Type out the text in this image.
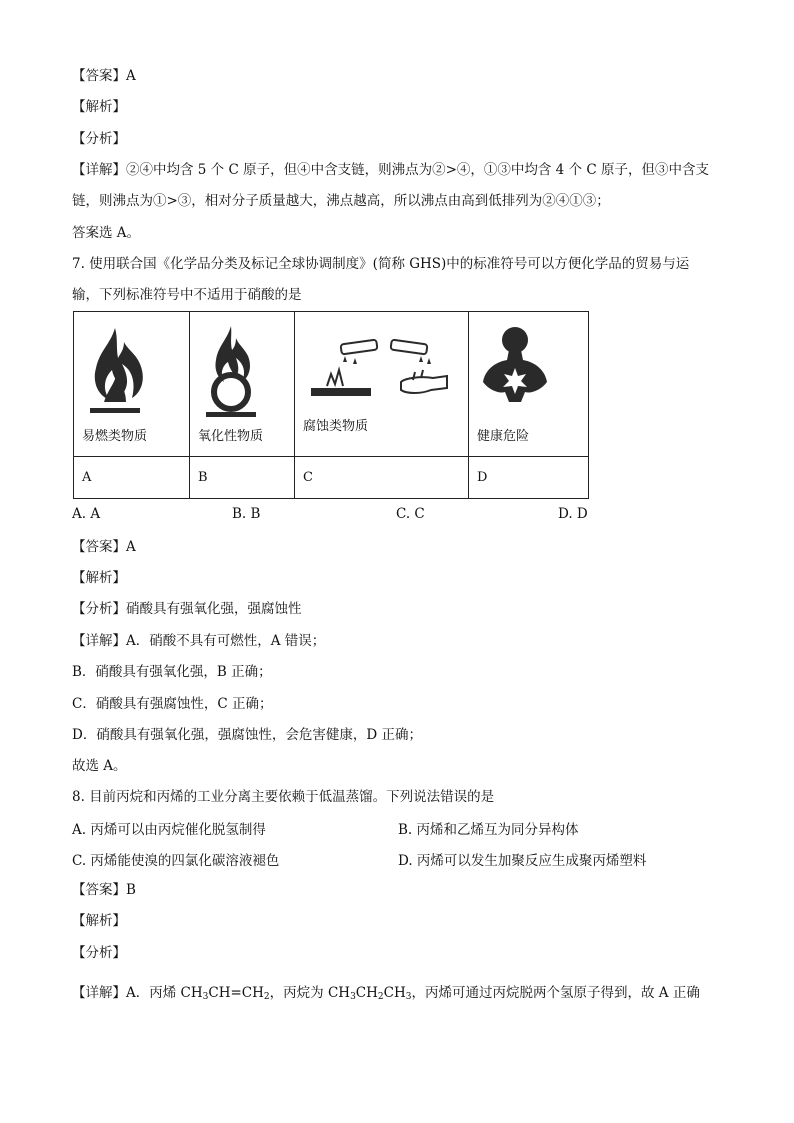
【答案】A
【解析】
【分析】
【详解】②④中均含 5 个 C 原子，但④中含支链，则沸点为②>④，①③中均含 4 个 C 原子，但③中含支
链，则沸点为①>③，相对分子质量越大，沸点越高，所以沸点由高到低排列为②④①③；
答案选 A。
7. 使用联合国《化学品分类及标记全球协调制度》(简称 GHS)中的标准符号可以方便化学品的贸易与运
输，下列标准符号中不适用于硝酸的是
易燃类物质	氧化性物质	腐蚀类物质	健康危险

A	B	C	D
A. A	B. B	C. C	D. D
【答案】A
【解析】
【分析】硝酸具有强氧化强，强腐蚀性
【详解】A．硝酸不具有可燃性，A 错误；
B．硝酸具有强氧化强，B 正确；
C．硝酸具有强腐蚀性，C 正确；
D．硝酸具有强氧化强，强腐蚀性，会危害健康，D 正确；
故选 A。
8. 目前丙烷和丙烯的工业分离主要依赖于低温蒸馏。下列说法错误的是
A. 丙烯可以由丙烷催化脱氢制得	B. 丙烯和乙烯互为同分异构体
C. 丙烯能使溴的四氯化碳溶液褪色	D. 丙烯可以发生加聚反应生成聚丙烯塑料
【答案】B
【解析】
【分析】
【详解】A．丙烯 $CH_3CH=CH_2$，丙烷为 $CH_3CH_2CH_3$，丙烯可通过丙烷脱两个氢原子得到，故 A 正确
